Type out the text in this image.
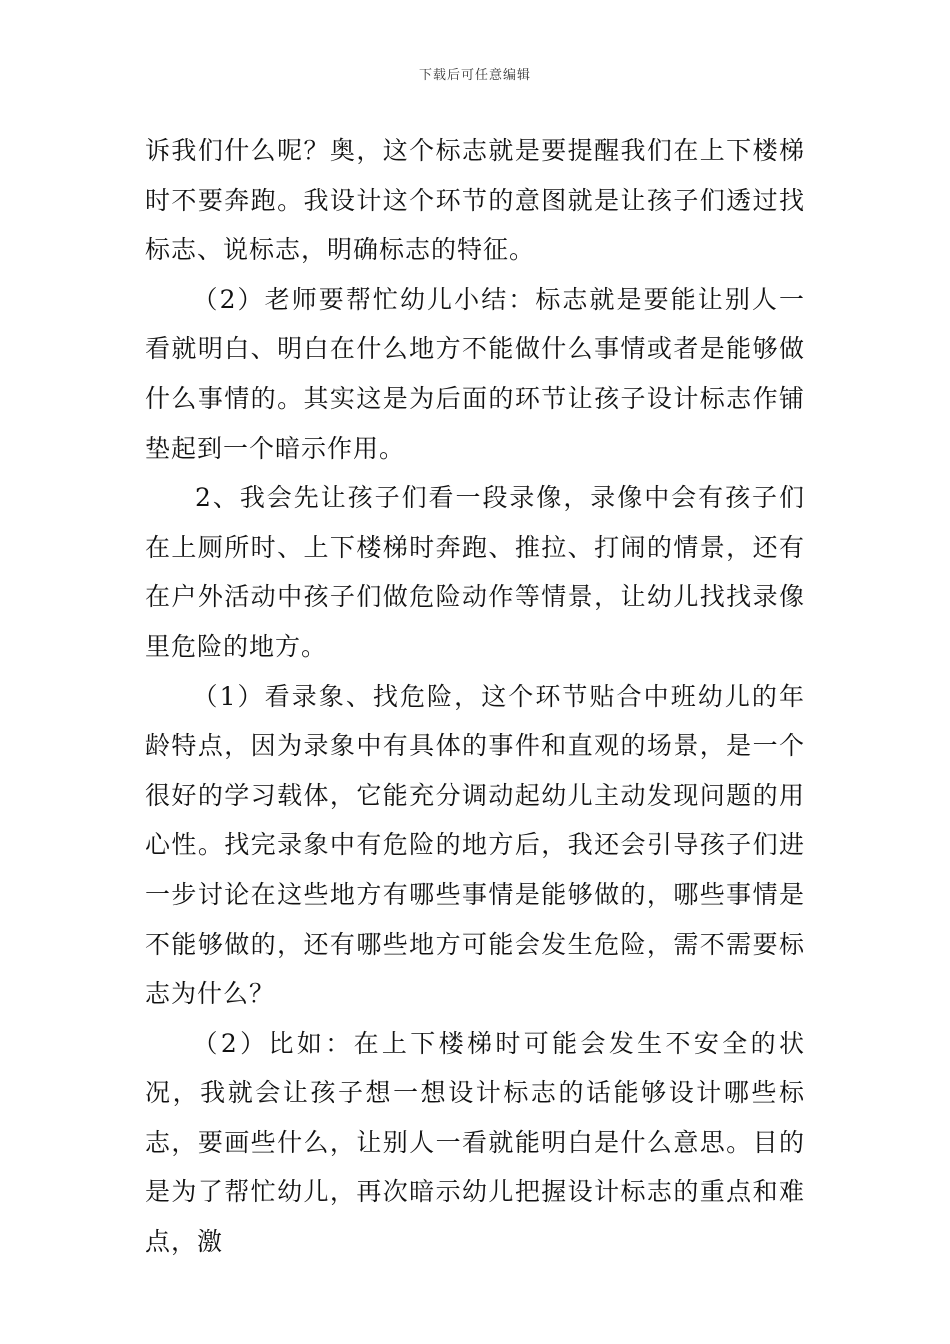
下载后可任意编辑

诉我们什么呢？奥，这个标志就是要提醒我们在上下楼梯时不要奔跑。我设计这个环节的意图就是让孩子们透过找标志、说标志，明确标志的特征。

（2）老师要帮忙幼儿小结：标志就是要能让别人一看就明白、明白在什么地方不能做什么事情或者是能够做什么事情的。其实这是为后面的环节让孩子设计标志作铺垫起到一个暗示作用。

2、我会先让孩子们看一段录像，录像中会有孩子们在上厕所时、上下楼梯时奔跑、推拉、打闹的情景，还有在户外活动中孩子们做危险动作等情景，让幼儿找找录像里危险的地方。

（1）看录象、找危险，这个环节贴合中班幼儿的年龄特点，因为录象中有具体的事件和直观的场景，是一个很好的学习载体，它能充分调动起幼儿主动发现问题的用心性。找完录象中有危险的地方后，我还会引导孩子们进一步讨论在这些地方有哪些事情是能够做的，哪些事情是不能够做的，还有哪些地方可能会发生危险，需不需要标志为什么？

（2）比如：在上下楼梯时可能会发生不安全的状况，我就会让孩子想一想设计标志的话能够设计哪些标志，要画些什么，让别人一看就能明白是什么意思。目的是为了帮忙幼儿，再次暗示幼儿把握设计标志的重点和难点，激
